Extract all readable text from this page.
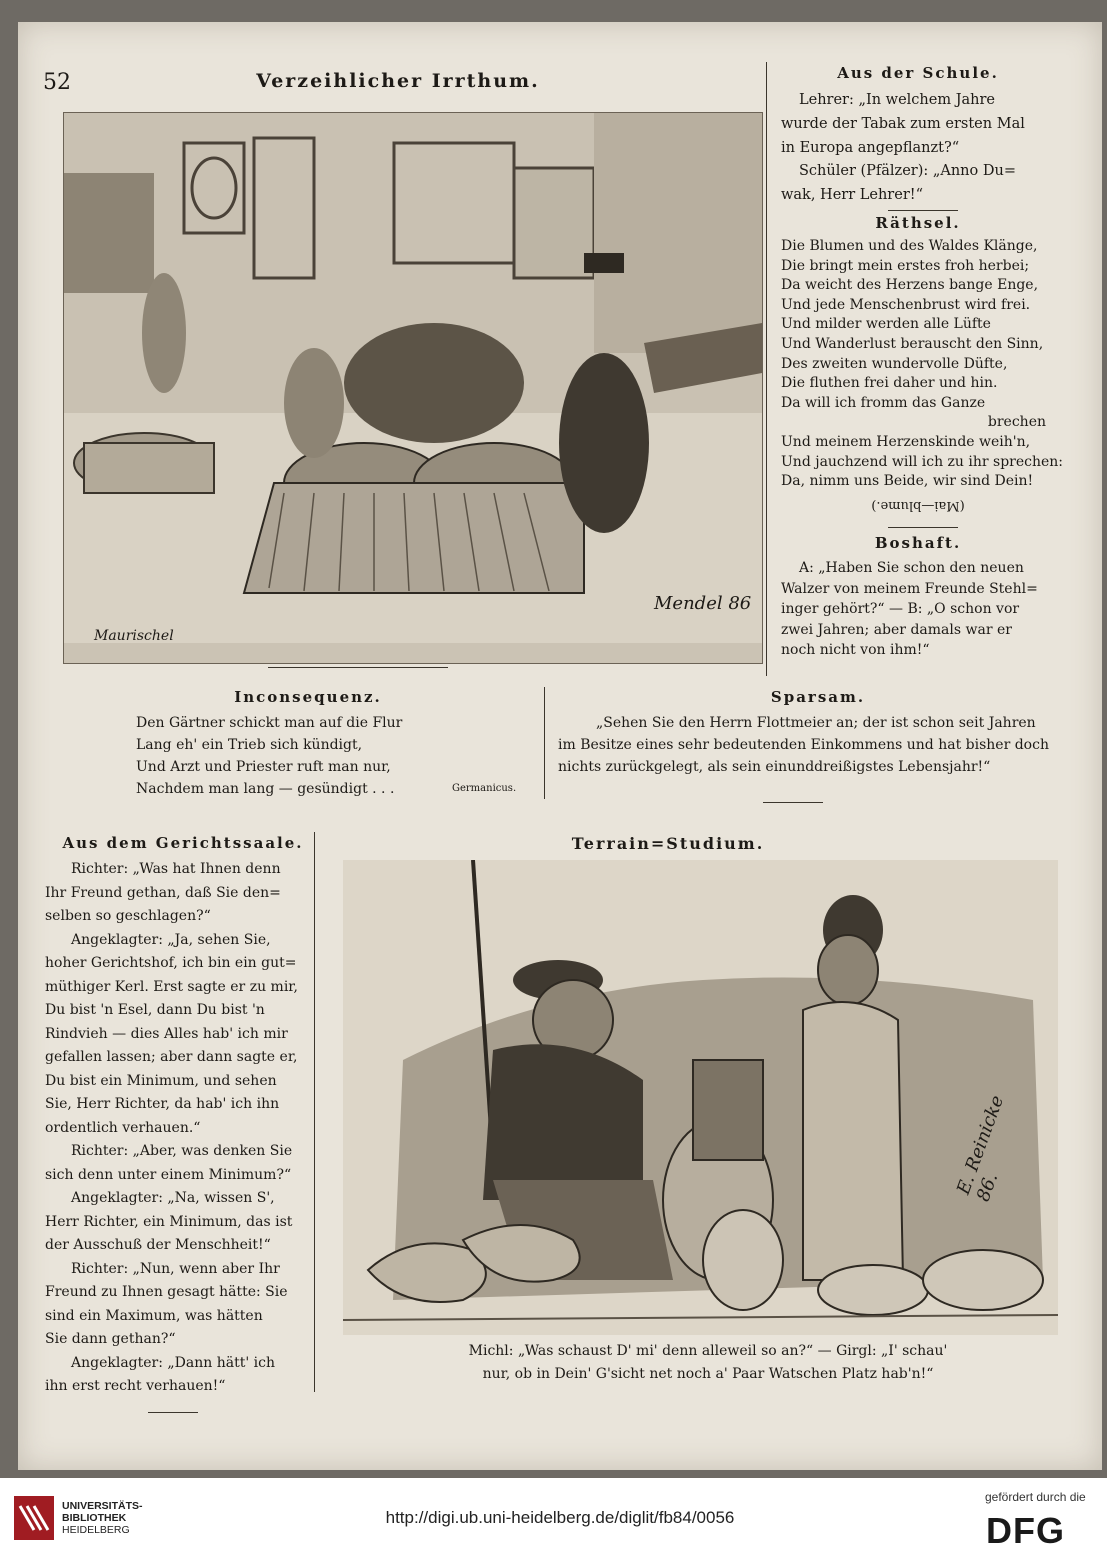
52	Verzeihlicher Irrthum.
Maurischel
Mendel 86
Aus der Schule.

Lehrer: „In welchem Jahre

wurde der Tabak zum ersten Mal

in Europa angepflanzt?“

Schüler (Pfälzer): „Anno Du=

wak, Herr Lehrer!“

Räthsel.

Die Blumen und des Waldes Klänge,

Die bringt mein erstes froh herbei;

Da weicht des Herzens bange Enge,

Und jede Menschenbrust wird frei.

Und milder werden alle Lüfte

Und Wanderlust berauscht den Sinn,

Des zweiten wundervolle Düfte,

Die fluthen frei daher und hin.

Da will ich fromm das Ganze

brechen

Und meinem Herzenskinde weih'n,

Und jauchzend will ich zu ihr sprechen:

Da, nimm uns Beide, wir sind Dein!

(Mai—blume.)
Boshaft.

A: „Haben Sie schon den neuen

Walzer von meinem Freunde Stehl=

inger gehört?“ — B: „O schon vor

zwei Jahren; aber damals war er

noch nicht von ihm!“

Inconsequenz.

Den Gärtner schickt man auf die Flur

Lang eh' ein Trieb sich kündigt,

Und Arzt und Priester ruft man nur,

Nachdem man lang — gesündigt . . .	Germanicus.
Sparsam.

„Sehen Sie den Herrn Flottmeier an; der ist schon seit Jahren

im Besitze eines sehr bedeutenden Einkommens und hat bisher doch

nichts zurückgelegt, als sein einunddreißigstes Lebensjahr!“

Aus dem Gerichtssaale.

Richter: „Was hat Ihnen denn

Ihr Freund gethan, daß Sie den=

selben so geschlagen?“

Angeklagter: „Ja, sehen Sie,

hoher Gerichtshof, ich bin ein gut=

müthiger Kerl. Erst sagte er zu mir,

Du bist 'n Esel, dann Du bist 'n

Rindvieh — dies Alles hab' ich mir

gefallen lassen; aber dann sagte er,

Du bist ein Minimum, und sehen

Sie, Herr Richter, da hab' ich ihn

ordentlich verhauen.“

Richter: „Aber, was denken Sie

sich denn unter einem Minimum?“

Angeklagter: „Na, wissen S',

Herr Richter, ein Minimum, das ist

der Ausschuß der Menschheit!“

Richter: „Nun, wenn aber Ihr

Freund zu Ihnen gesagt hätte: Sie

sind ein Maximum, was hätten

Sie dann gethan?“

Angeklagter: „Dann hätt' ich

ihn erst recht verhauen!“

Terrain=Studium.
E. Reinicke 86.

Michl: „Was schaust D' mi' denn alleweil so an?“ — Girgl: „I' schau'

nur, ob in Dein' G'sicht net noch a' Paar Watschen Platz hab'n!“

UNIVERSITÄTS-
BIBLIOTHEK
HEIDELBERG
http://digi.ub.uni-heidelberg.de/diglit/fb84/0056
gefördert durch die
DFG
